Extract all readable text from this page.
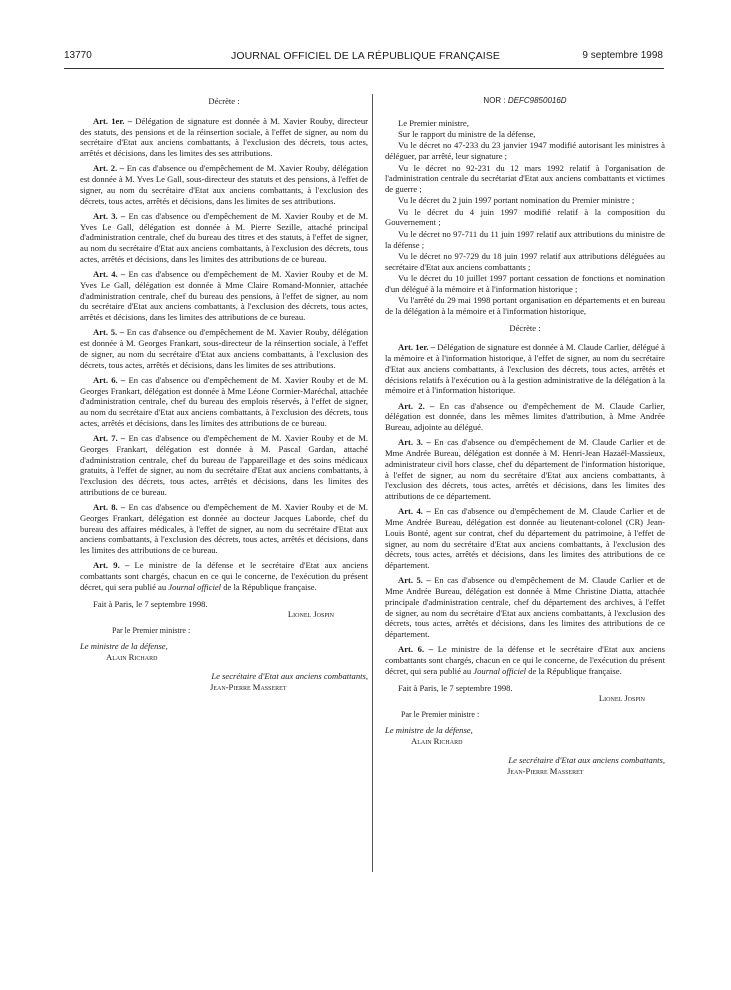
13770	JOURNAL OFFICIEL DE LA RÉPUBLIQUE FRANÇAISE	9 septembre 1998

Décrète :

Art. 1er. – Délégation de signature est donnée à M. Xavier Rouby, directeur des statuts, des pensions et de la réinsertion sociale, à l'effet de signer, au nom du secrétaire d'Etat aux anciens combattants, à l'exclusion des décrets, tous actes, arrêtés et décisions, dans les limites des ses attributions.

Art. 2. – En cas d'absence ou d'empêchement de M. Xavier Rouby, délégation est donnée à M. Yves Le Gall, sous-directeur des statuts et des pensions, à l'effet de signer, au nom du secrétaire d'Etat aux anciens combattants, à l'exclusion des décrets, tous actes, arrêtés et décisions, dans les limites de ses attributions.

Art. 3. – En cas d'absence ou d'empêchement de M. Xavier Rouby et de M. Yves Le Gall, délégation est donnée à M. Pierre Sezille, attaché principal d'administration centrale, chef du bureau des titres et des statuts, à l'effet de signer, au nom du secrétaire d'Etat aux anciens combattants, à l'exclusion des décrets, tous actes, arrêtés et décisions, dans les limites des attributions de ce bureau.

Art. 4. – En cas d'absence ou d'empêchement de M. Xavier Rouby et de M. Yves Le Gall, délégation est donnée à Mme Claire Romand-Monnier, attachée d'administration centrale, chef du bureau des pensions, à l'effet de signer, au nom du secrétaire d'Etat aux anciens combattants, à l'exclusion des décrets, tous actes, arrêtés et décisions, dans les limites des attributions de ce bureau.

Art. 5. – En cas d'absence ou d'empêchement de M. Xavier Rouby, délégation est donnée à M. Georges Frankart, sous-directeur de la réinsertion sociale, à l'effet de signer, au nom du secrétaire d'Etat aux anciens combattants, à l'exclusion des décrets, tous actes, arrêtés et décisions, dans les limites de ses attributions.

Art. 6. – En cas d'absence ou d'empêchement de M. Xavier Rouby et de M. Georges Frankart, délégation est donnée à Mme Léone Cormier-Maréchal, attachée d'administration centrale, chef du bureau des emplois réservés, à l'effet de signer, au nom du secrétaire d'Etat aux anciens combattants, à l'exclusion des décrets, tous actes, arrêtés et décisions, dans les limites des attributions de ce bureau.

Art. 7. – En cas d'absence ou d'empêchement de M. Xavier Rouby et de M. Georges Frankart, délégation est donnée à M. Pascal Gardan, attaché d'administration centrale, chef du bureau de l'appareillage et des soins médicaux gratuits, à l'effet de signer, au nom du secrétaire d'Etat aux anciens combattants, à l'exclusion des décrets, tous actes, arrêtés et décisions, dans les limites des attributions de ce bureau.

Art. 8. – En cas d'absence ou d'empêchement de M. Xavier Rouby et de M. Georges Frankart, délégation est donnée au docteur Jacques Laborde, chef du bureau des affaires médicales, à l'effet de signer, au nom du secrétaire d'Etat aux anciens combattants, à l'exclusion des décrets, tous actes, arrêtés et décisions, dans les limites des attributions de ce bureau.

Art. 9. – Le ministre de la défense et le secrétaire d'Etat aux anciens combattants sont chargés, chacun en ce qui le concerne, de l'exécution du présent décret, qui sera publié au Journal officiel de la République française.

Fait à Paris, le 7 septembre 1998.

Lionel Jospin

Par le Premier ministre :

Le ministre de la défense,

Alain Richard

Le secrétaire d'Etat aux anciens combattants,

Jean-Pierre Masseret

NOR : DEFC9850016D

Le Premier ministre,

Sur le rapport du ministre de la défense,

Vu le décret no 47-233 du 23 janvier 1947 modifié autorisant les ministres à déléguer, par arrêté, leur signature ;

Vu le décret no 92-231 du 12 mars 1992 relatif à l'organisation de l'administration centrale du secrétariat d'Etat aux anciens combattants et victimes de guerre ;

Vu le décret du 2 juin 1997 portant nomination du Premier ministre ;

Vu le décret du 4 juin 1997 modifié relatif à la composition du Gouvernement ;

Vu le décret no 97-711 du 11 juin 1997 relatif aux attributions du ministre de la défense ;

Vu le décret no 97-729 du 18 juin 1997 relatif aux attributions déléguées au secrétaire d'Etat aux anciens combattants ;

Vu le décret du 10 juillet 1997 portant cessation de fonctions et nomination d'un délégué à la mémoire et à l'information historique ;

Vu l'arrêté du 29 mai 1998 portant organisation en départements et en bureau de la délégation à la mémoire et à l'information historique,

Décrète :

Art. 1er. – Délégation de signature est donnée à M. Claude Carlier, délégué à la mémoire et à l'information historique, à l'effet de signer, au nom du secrétaire d'Etat aux anciens combattants, à l'exclusion des décrets, tous actes, arrêtés et décisions relatifs à l'exécution ou à la gestion administrative de la délégation à la mémoire et à l'information historique.

Art. 2. – En cas d'absence ou d'empêchement de M. Claude Carlier, délégation est donnée, dans les mêmes limites d'attribution, à Mme Andrée Bureau, adjointe au délégué.

Art. 3. – En cas d'absence ou d'empêchement de M. Claude Carlier et de Mme Andrée Bureau, délégation est donnée à M. Henri-Jean Hazaël-Massieux, administrateur civil hors classe, chef du département de l'information historique, à l'effet de signer, au nom du secrétaire d'Etat aux anciens combattants, à l'exclusion des décrets, tous actes, arrêtés et décisions, dans les limites des attributions de ce département.

Art. 4. – En cas d'absence ou d'empêchement de M. Claude Carlier et de Mme Andrée Bureau, délégation est donnée au lieutenant-colonel (CR) Jean-Louis Bonté, agent sur contrat, chef du département du patrimoine, à l'effet de signer, au nom du secrétaire d'Etat aux anciens combattants, à l'exclusion des décrets, tous actes, arrêtés et décisions, dans les limites des attributions de ce département.

Art. 5. – En cas d'absence ou d'empêchement de M. Claude Carlier et de Mme Andrée Bureau, délégation est donnée à Mme Christine Diatta, attachée principale d'administration centrale, chef du département des archives, à l'effet de signer, au nom du secrétaire d'Etat aux anciens combattants, à l'exclusion des décrets, tous actes, arrêtés et décisions, dans les limites des attributions de ce département.

Art. 6. – Le ministre de la défense et le secrétaire d'Etat aux anciens combattants sont chargés, chacun en ce qui le concerne, de l'exécution du présent décret, qui sera publié au Journal officiel de la République française.

Fait à Paris, le 7 septembre 1998.

Lionel Jospin

Par le Premier ministre :

Le ministre de la défense,

Alain Richard

Le secrétaire d'Etat aux anciens combattants,

Jean-Pierre Masseret
